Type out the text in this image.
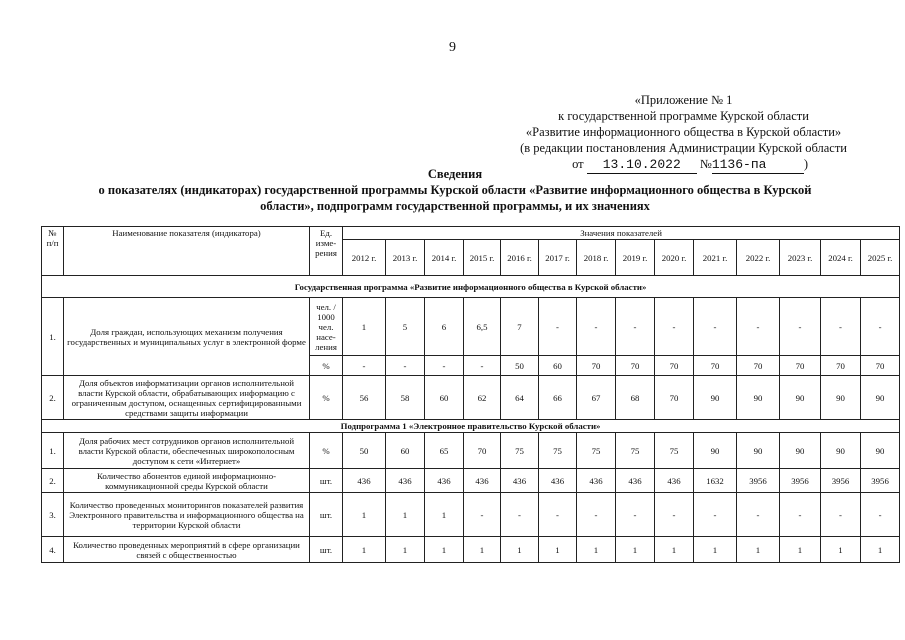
9
«Приложение № 1
к государственной программе Курской области
«Развитие информационного общества в Курской области»
(в редакции постановления Администрации Курской области
от 13.10.2022 №1136-па	)
Сведения
о показателях (индикаторах) государственной программы Курской области «Развитие информационного общества в Курской
области», подпрограмм государственной программы, и их значениях
№ п/п	Наименование показателя (индикатора)	Ед. изме-рения	Значения показателей													
			2012 г.	2013 г.	2014 г.	2015 г.	2016 г.	2017 г.	2018 г.	2019 г.	2020 г.	2021 г.	2022 г.	2023 г.	2024 г.	2025 г.
Государственная программа «Развитие информационного общества в Курской области»																
1.	Доля граждан, использующих механизм получения государственных и муниципальных услуг в электронной форме	чел. / 1000 чел. насе-ления	1	5	6	6,5	7	-	-	-	-	-	-	-	-	-
		%	-	-	-	-	50	60	70	70	70	70	70	70	70	70
2.	Доля объектов информатизации органов исполнительной власти Курской области, обрабатывающих информацию с ограниченным доступом, оснащенных сертифицированными средствами защиты информации	%	56	58	60	62	64	66	67	68	70	90	90	90	90	90
Подпрограмма 1 «Электронное правительство Курской области»																
1.	Доля рабочих мест сотрудников органов исполнительной власти Курской области, обеспеченных широкополосным доступом к сети «Интернет»	%	50	60	65	70	75	75	75	75	75	90	90	90	90	90
2.	Количество абонентов единой информационно-коммуникационной среды Курской области	шт.	436	436	436	436	436	436	436	436	436	1632	3956	3956	3956	3956
3.	Количество проведенных мониторингов показателей развития Электронного правительства и информационного общества на территории Курской области	шт.	1	1	1	-	-	-	-	-	-	-	-	-	-	-
4.	Количество проведенных мероприятий в сфере организации связей с общественностью	шт.	1	1	1	1	1	1	1	1	1	1	1	1	1	1
